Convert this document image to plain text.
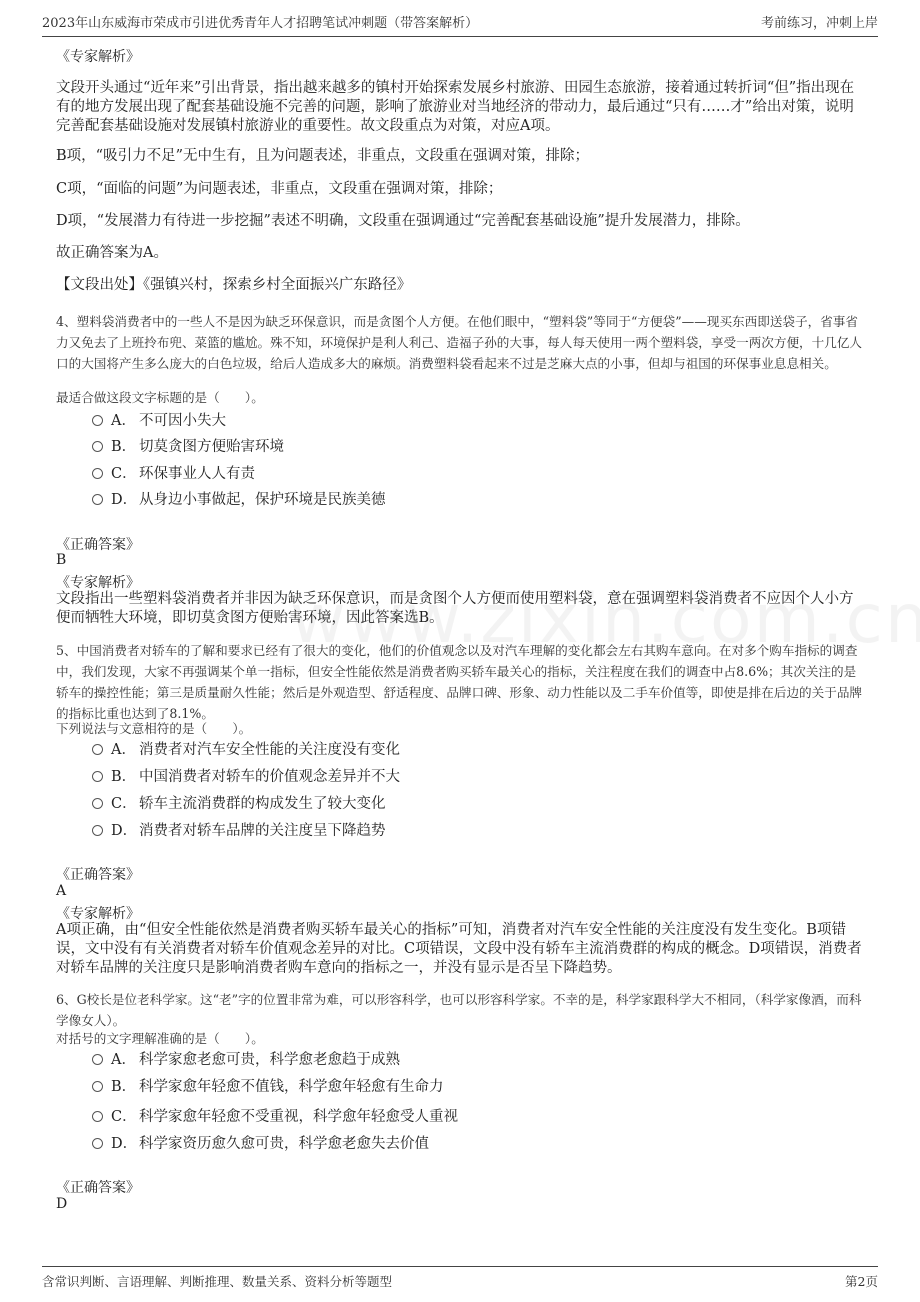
2023年山东威海市荣成市引进优秀青年人才招聘笔试冲刺题（带答案解析）	考前练习，冲刺上岸
《专家解析》

文段开头通过“近年来”引出背景，指出越来越多的镇村开始探索发展乡村旅游、田园生态旅游，接着通过转折词“但”指出现在有的地方发展出现了配套基础设施不完善的问题，影响了旅游业对当地经济的带动力，最后通过“只有……才”给出对策，说明完善配套基础设施对发展镇村旅游业的重要性。故文段重点为对策，对应A项。

B项，“吸引力不足”无中生有，且为问题表述，非重点，文段重在强调对策，排除；
C项，“面临的问题”为问题表述，非重点，文段重在强调对策，排除；
D项，“发展潜力有待进一步挖掘”表述不明确，文段重在强调通过“完善配套基础设施”提升发展潜力，排除。
故正确答案为A。
【文段出处】《强镇兴村，探索乡村全面振兴广东路径》
4、塑料袋消费者中的一些人不是因为缺乏环保意识，而是贪图个人方便。在他们眼中，“塑料袋”等同于“方便袋”——现买东西即送袋子，省事省力又免去了上班拎布兜、菜篮的尴尬。殊不知，环境保护是利人利己、造福子孙的大事，每人每天使用一两个塑料袋，享受一两次方便，十几亿人口的大国将产生多么庞大的白色垃圾，给后人造成多大的麻烦。消费塑料袋看起来不过是芝麻大点的小事，但却与祖国的环保事业息息相关。
最适合做这段文字标题的是（　　）。
A． 不可因小失大
B． 切莫贪图方便贻害环境
C． 环保事业人人有责
D． 从身边小事做起，保护环境是民族美德
《正确答案》
B
《专家解析》
文段指出一些塑料袋消费者并非因为缺乏环保意识，而是贪图个人方便而使用塑料袋，意在强调塑料袋消费者不应因个人小方便而牺牲大环境，即切莫贪图方便贻害环境，因此答案选B。
5、中国消费者对轿车的了解和要求已经有了很大的变化，他们的价值观念以及对汽车理解的变化都会左右其购车意向。在对多个购车指标的调查中，我们发现，大家不再强调某个单一指标，但安全性能依然是消费者购买轿车最关心的指标，关注程度在我们的调查中占8.6%；其次关注的是轿车的操控性能；第三是质量耐久性能；然后是外观造型、舒适程度、品牌口碑、形象、动力性能以及二手车价值等，即使是排在后边的关于品牌的指标比重也达到了8.1%。
下列说法与文意相符的是（　　）。
A． 消费者对汽车安全性能的关注度没有变化
B． 中国消费者对轿车的价值观念差异并不大
C． 轿车主流消费群的构成发生了较大变化
D． 消费者对轿车品牌的关注度呈下降趋势
《正确答案》
A
《专家解析》
A项正确，由“但安全性能依然是消费者购买轿车最关心的指标”可知，消费者对汽车安全性能的关注度没有发生变化。B项错误，文中没有有关消费者对轿车价值观念差异的对比。C项错误，文段中没有轿车主流消费群的构成的概念。D项错误，消费者对轿车品牌的关注度只是影响消费者购车意向的指标之一，并没有显示是否呈下降趋势。
6、G校长是位老科学家。这“老”字的位置非常为难，可以形容科学，也可以形容科学家。不幸的是，科学家跟科学大不相同，（科学家像酒，而科学像女人）。
对括号的文字理解准确的是（　　）。
A． 科学家愈老愈可贵，科学愈老愈趋于成熟
B． 科学家愈年轻愈不值钱，科学愈年轻愈有生命力
C． 科学家愈年轻愈不受重视，科学愈年轻愈受人重视
D． 科学家资历愈久愈可贵，科学愈老愈失去价值
《正确答案》
D
含常识判断、言语理解、判断推理、数量关系、资料分析等题型	第2页
